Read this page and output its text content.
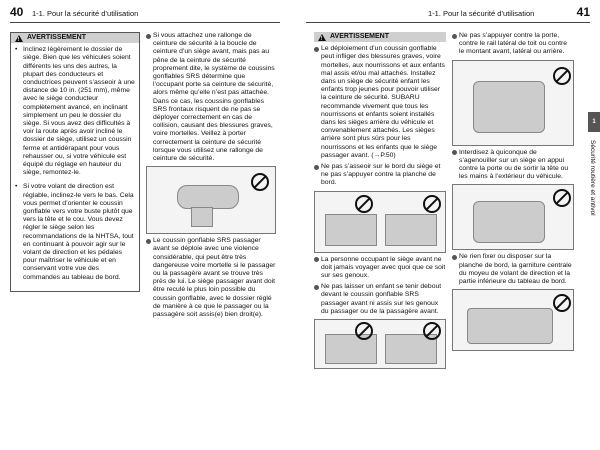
40 1-1. Pour la sécurité d’utilisation	1-1. Pour la sécurité d’utilisation	41
1
Sécurité routière et antivol
!
AVERTISSEMENT
• Inclinez légèrement le dossier de siège. Bien que les véhicules soient différents les uns des autres, la plupart des conducteurs et conductrices peuvent s’asseoir à une distance de 10 in. (251 mm), même avec le siège conducteur complètement avancé, en inclinant simplement un peu le dossier du siège. Si vous avez des difficultés à voir la route après avoir incliné le dossier de siège, utilisez un coussin ferme et antidérapant pour vous rehausser ou, si votre véhicule est équipé du réglage en hauteur du siège, remontez-le.
• Si votre volant de direction est réglable, inclinez-le vers le bas. Cela vous permet d’orienter le coussin gonflable vers votre buste plutôt que vers la tête et le cou. Vous devez régler le siège selon les recommandations de la NHTSA, tout en continuant à pouvoir agir sur le volant de direction et les pédales pour maîtriser le véhicule et en conservant votre vue des commandes au tableau de bord.
Si vous attachez une rallonge de ceinture de sécurité à la boucle de ceinture d’un siège avant, mais pas au pêne de la ceinture de sécurité proprement dite, le système de coussins gonflables SRS détermine que l’occupant porte sa ceinture de sécurité, alors même qu’elle n’est pas attachée. Dans ce cas, les coussins gonflables SRS frontaux risquent de ne pas se déployer correctement en cas de collision, causant des blessures graves, voire mortelles. Veillez à porter correctement la ceinture de sécurité lorsque vous utilisez une rallonge de ceinture de sécurité.
Le coussin gonflable SRS passager avant se déploie avec une violence considérable, qui peut être très dangereuse voire mortelle si le passager ou la passagère avant se trouve très près de lui. Le siège passager avant doit être reculé le plus loin possible du coussin gonflable, avec le dossier réglé de manière à ce que le passager ou la passagère soit assis(e) bien droit(e).
!
AVERTISSEMENT
Le déploiement d’un coussin gonflable peut infliger des blessures graves, voire mortelles, aux nourrissons et aux enfants mal assis et/ou mal attachés. Installez dans un siège de sécurité enfant les enfants trop jeunes pour pouvoir utiliser la ceinture de sécurité. SUBARU recommande vivement que tous les nourrissons et enfants soient installés dans les sièges arrière du véhicule et convenablement attachés. Les sièges arrière sont plus sûrs pour les nourrissons et les enfants que le siège passager avant. (→P.50)
Ne pas s’asseoir sur le bord du siège et ne pas s’appuyer contre la planche de bord.
La personne occupant le siège avant ne doit jamais voyager avec quoi que ce soit sur ses genoux.
Ne pas laisser un enfant se tenir debout devant le coussin gonflable SRS passager avant ni assis sur les genoux du passager ou de la passagère avant.
Ne pas s’appuyer contre la porte, contre le rail latéral de toit ou contre le montant avant, latéral ou arrière.
Interdisez à quiconque de s’agenouiller sur un siège en appui contre la porte ou de sortir la tête ou les mains à l’extérieur du véhicule.
Ne rien fixer ou disposer sur la planche de bord, la garniture centrale du moyeu de volant de direction et la partie inférieure du tableau de bord.
